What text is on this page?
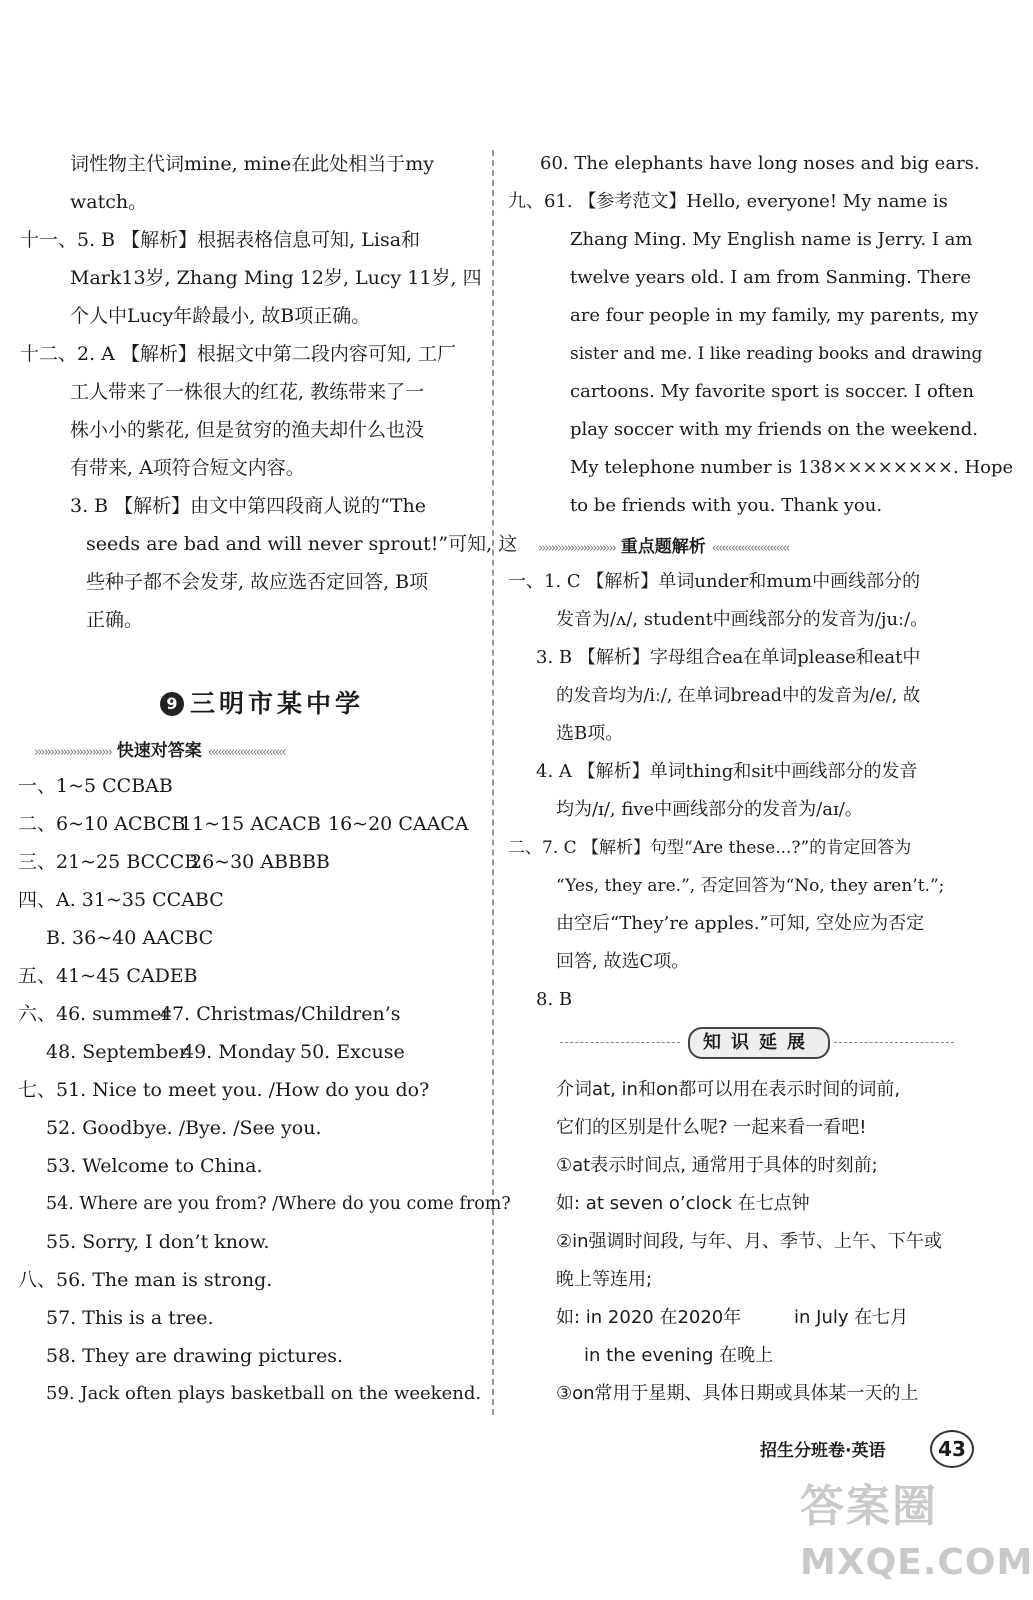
词性物主代词mine, mine在此处相当于my
watch。
十一、5. B 【解析】根据表格信息可知, Lisa和
Mark13岁, Zhang Ming 12岁, Lucy 11岁, 四
个人中Lucy年龄最小, 故B项正确。
十二、2. A 【解析】根据文中第二段内容可知, 工厂
工人带来了一株很大的红花, 教练带来了一
株小小的紫花, 但是贫穷的渔夫却什么也没
有带来, A项符合短文内容。
3. B 【解析】由文中第四段商人说的“The
seeds are bad and will never sprout!”可知, 这
些种子都不会发芽, 故应选否定回答, B项
正确。
9 三明市某中学
›››››››››››››››››››››››› 快速对答案 ‹‹‹‹‹‹‹‹‹‹‹‹‹‹‹‹‹‹‹‹‹‹‹‹
一、1~5 CCBAB
二、6~10 ACBCB
11~15 ACACB 16~20 CAACA
三、21~25 BCCCB
26~30 ABBBB
四、A. 31~35 CCABC
B. 36~40 AACBC
五、41~45 CADEB
六、46. summer
47. Christmas/Children’s
48. September
49. Monday 50. Excuse
七、51. Nice to meet you. /How do you do?
52. Goodbye. /Bye. /See you.
53. Welcome to China.
54. Where are you from? /Where do you come from?
55. Sorry, I don’t know.
八、56. The man is strong.
57. This is a tree.
58. They are drawing pictures.
59. Jack often plays basketball on the weekend.
60. The elephants have long noses and big ears.
九、61. 【参考范文】Hello, everyone! My name is
Zhang Ming. My English name is Jerry. I am
twelve years old. I am from Sanming. There
are four people in my family, my parents, my
sister and me. I like reading books and drawing
cartoons. My favorite sport is soccer. I often
play soccer with my friends on the weekend.
My telephone number is 138××××××××. Hope
to be friends with you. Thank you.
›››››››››››››››››››››››› 重点题解析 ‹‹‹‹‹‹‹‹‹‹‹‹‹‹‹‹‹‹‹‹‹‹‹‹
一、1. C 【解析】单词under和mum中画线部分的
发音为/ʌ/, student中画线部分的发音为/juː/。
3. B 【解析】字母组合ea在单词please和eat中
的发音均为/iː/, 在单词bread中的发音为/e/, 故
选B项。
4. A 【解析】单词thing和sit中画线部分的发音
均为/ɪ/, five中画线部分的发音为/aɪ/。
二、7. C 【解析】句型“Are these...?”的肯定回答为
“Yes, they are.”, 否定回答为“No, they aren’t.”;
由空后“They’re apples.”可知, 空处应为否定
回答, 故选C项。
8. B
知识延展
介词at, in和on都可以用在表示时间的词前,
它们的区别是什么呢? 一起来看一看吧!
①at表示时间点, 通常用于具体的时刻前;
如: at seven o’clock 在七点钟
②in强调时间段, 与年、月、季节、上午、下午或
晚上等连用;
如: in 2020 在2020年	in July 在七月
in the evening 在晚上
③on常用于星期、具体日期或具体某一天的上
招生分班卷·英语	43
答案圈
MXQE.COM
